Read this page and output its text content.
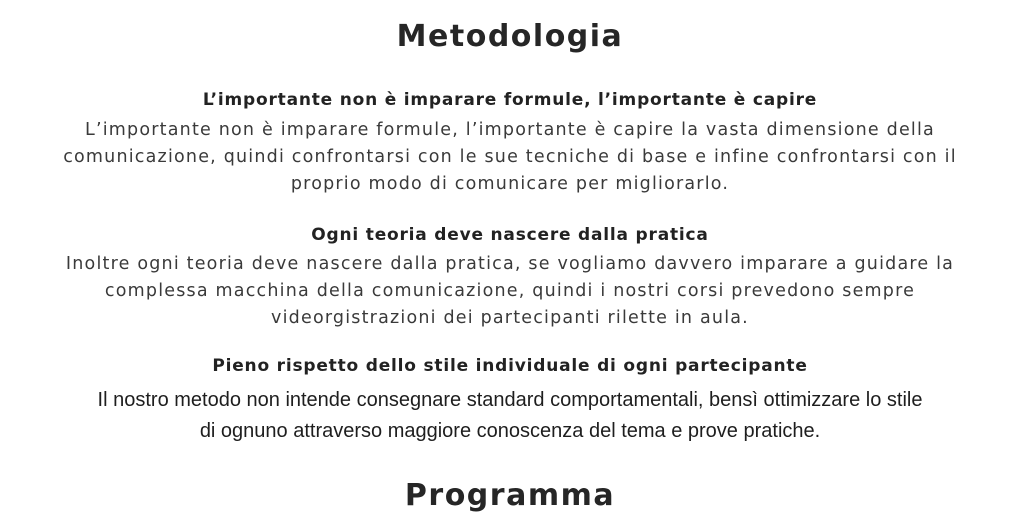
Metodologia
L’importante non è imparare formule, l’importante è capire

L’importante non è imparare formule, l’importante è capire la vasta dimensione della
comunicazione, quindi confrontarsi con le sue tecniche di base e infine confrontarsi con il
proprio modo di comunicare per migliorarlo.

Ogni teoria deve nascere dalla pratica

Inoltre ogni teoria deve nascere dalla pratica, se vogliamo davvero imparare a guidare la
complessa macchina della comunicazione, quindi i nostri corsi prevedono sempre
videorgistrazioni dei partecipanti rilette in aula.

Pieno rispetto dello stile individuale di ogni partecipante

Il nostro metodo non intende consegnare standard comportamentali, bensì ottimizzare lo stile
di ognuno attraverso maggiore conoscenza del tema e prove pratiche.

Programma
